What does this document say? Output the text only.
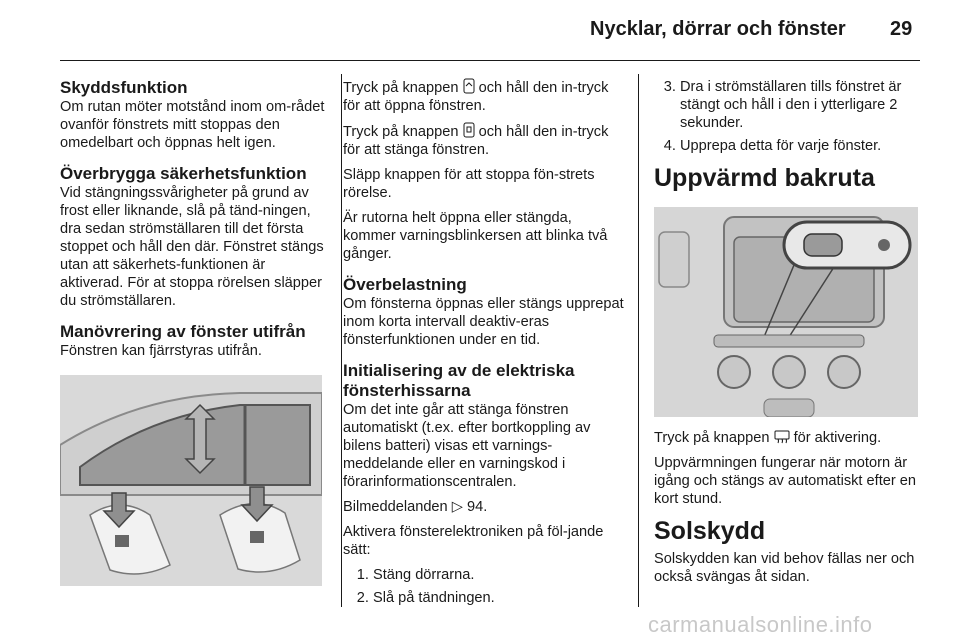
Nycklar, dörrar och fönster 29
Skyddsfunktion

Om rutan möter motstånd inom om-rådet ovanför fönstrets mitt stoppas den omedelbart och öppnas helt igen.

Överbrygga säkerhetsfunktion

Vid stängningssvårigheter på grund av frost eller liknande, slå på tänd-ningen, dra sedan strömställaren till det första stoppet och håll den där. Fönstret stängs utan att säkerhets-funktionen är aktiverad. För at stoppa rörelsen släpper du strömställaren.

Manövrering av fönster utifrån

Fönstren kan fjärrstyras utifrån.

Tryck på knappen och håll den in-tryck för att öppna fönstren.

Tryck på knappen och håll den in-tryck för att stänga fönstren.

Släpp knappen för att stoppa fön-strets rörelse.

Är rutorna helt öppna eller stängda, kommer varningsblinkersen att blinka två gånger.

Överbelastning

Om fönsterna öppnas eller stängs upprepat inom korta intervall deaktiv-eras fönsterfunktionen under en tid.

Initialisering av de elektriska fönsterhissarna

Om det inte går att stänga fönstren automatiskt (t.ex. efter bortkoppling av bilens batteri) visas ett varnings-meddelande eller en varningskod i förarinformationscentralen.

Bilmeddelanden ▷ 94.

Aktivera fönsterelektroniken på föl-jande sätt:

1. Stäng dörrarna.
2. Slå på tändningen.
3. Dra i strömställaren tills fönstret är stängt och håll i den i ytterligare 2 sekunder.
4. Upprepa detta för varje fönster.
Uppvärmd bakruta

Tryck på knappen för aktivering.

Uppvärmningen fungerar när motorn är igång och stängs av automatiskt efter en kort stund.

Solskydd

Solskydden kan vid behov fällas ner och också svängas åt sidan.

carmanualsonline.info
